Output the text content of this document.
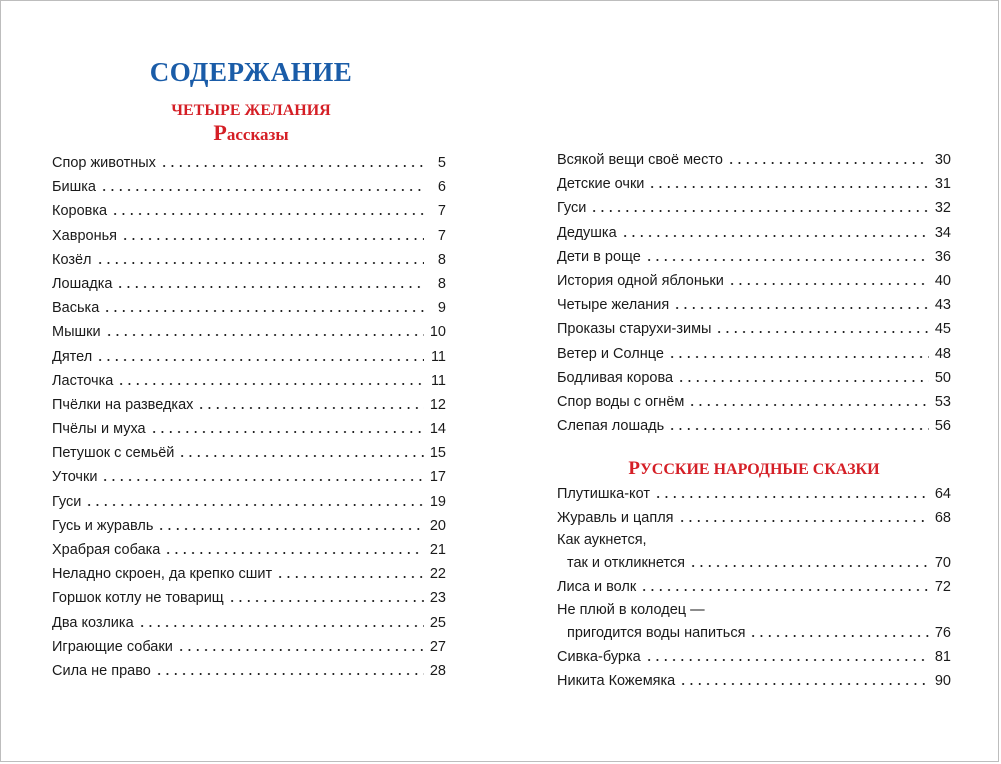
СОДЕРЖАНИЕ
ЧЕТЫРЕ ЖЕЛАНИЯ
Рассказы
Спор животных	5
Бишка	6
Коровка	7
Хавронья	7
Козёл	8
Лошадка	8
Васька	9
Мышки	10
Дятел	11
Ласточка	11
Пчёлки на разведках	12
Пчёлы и муха	14
Петушок с семьёй	15
Уточки	17
Гуси	19
Гусь и журавль	20
Храбрая собака	21
Неладно скроен, да крепко сшит	22
Горшок котлу не товарищ	23
Два козлика	25
Играющие собаки	27
Сила не право	28
Всякой вещи своё место	30
Детские очки	31
Гуси	32
Дедушка	34
Дети в роще	36
История одной яблоньки	40
Четыре желания	43
Проказы старухи-зимы	45
Ветер и Солнце	48
Бодливая корова	50
Спор воды с огнём	53
Слепая лошадь	56
РУССКИЕ НАРОДНЫЕ СКАЗКИ
Плутишка-кот	64
Журавль и цапля	68
Как аукнется,
так и откликнется	70
Лиса и волк	72
Не плюй в колодец —
пригодится воды напиться	76
Сивка-бурка	81
Никита Кожемяка	90
